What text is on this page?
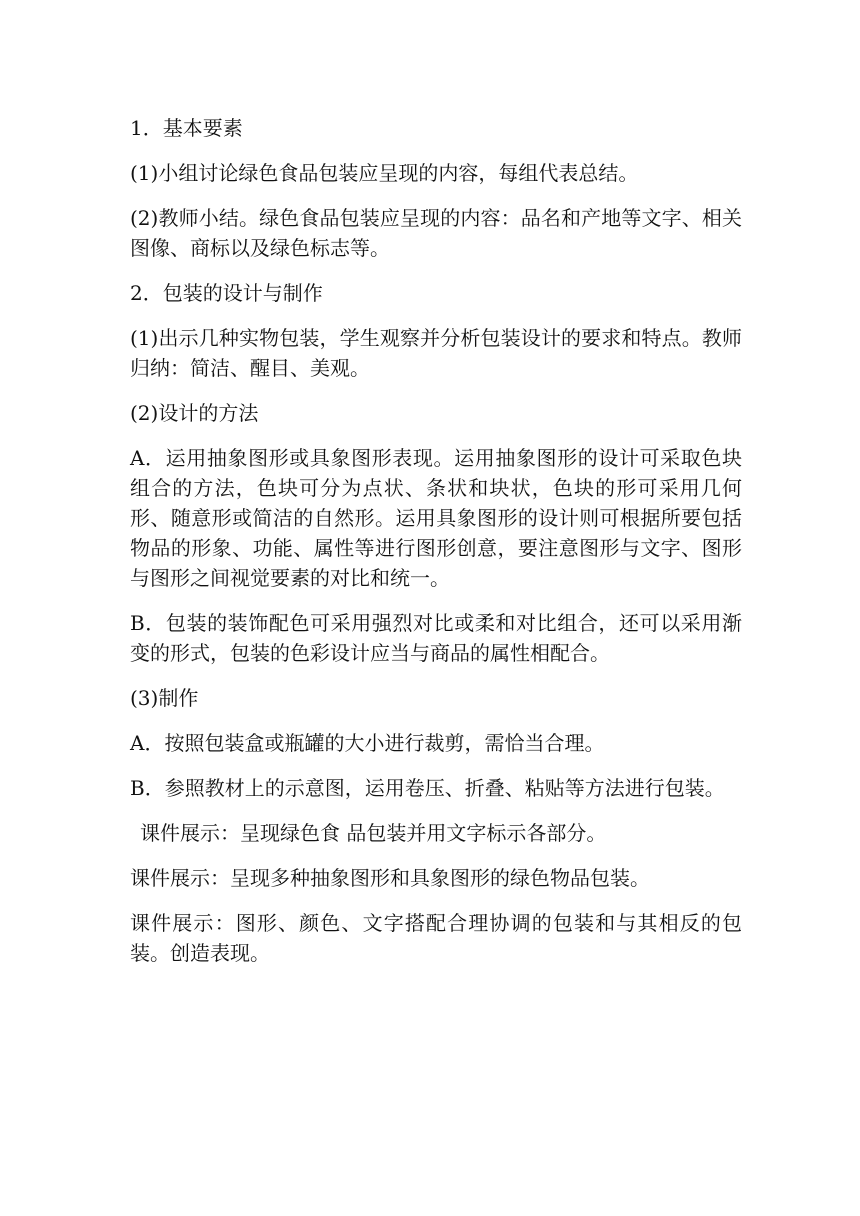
1．基本要素

(1)小组讨论绿色食品包装应呈现的内容，每组代表总结。

(2)教师小结。绿色食品包装应呈现的内容：品名和产地等文字、相关图像、商标以及绿色标志等。

2．包装的设计与制作

(1)出示几种实物包装，学生观察并分析包装设计的要求和特点。教师归纳：简洁、醒目、美观。

(2)设计的方法

A．运用抽象图形或具象图形表现。运用抽象图形的设计可采取色块组合的方法，色块可分为点状、条状和块状，色块的形可采用几何形、随意形或简洁的自然形。运用具象图形的设计则可根据所要包括物品的形象、功能、属性等进行图形创意，要注意图形与文字、图形与图形之间视觉要素的对比和统一。

B．包装的装饰配色可采用强烈对比或柔和对比组合，还可以采用渐变的形式，包装的色彩设计应当与商品的属性相配合。

(3)制作

A．按照包装盒或瓶罐的大小进行裁剪，需恰当合理。

B．参照教材上的示意图，运用卷压、折叠、粘贴等方法进行包装。

课件展示：呈现绿色食 品包装并用文字标示各部分。

课件展示：呈现多种抽象图形和具象图形的绿色物品包装。

课件展示：图形、颜色、文字搭配合理协调的包装和与其相反的包装。创造表现。
